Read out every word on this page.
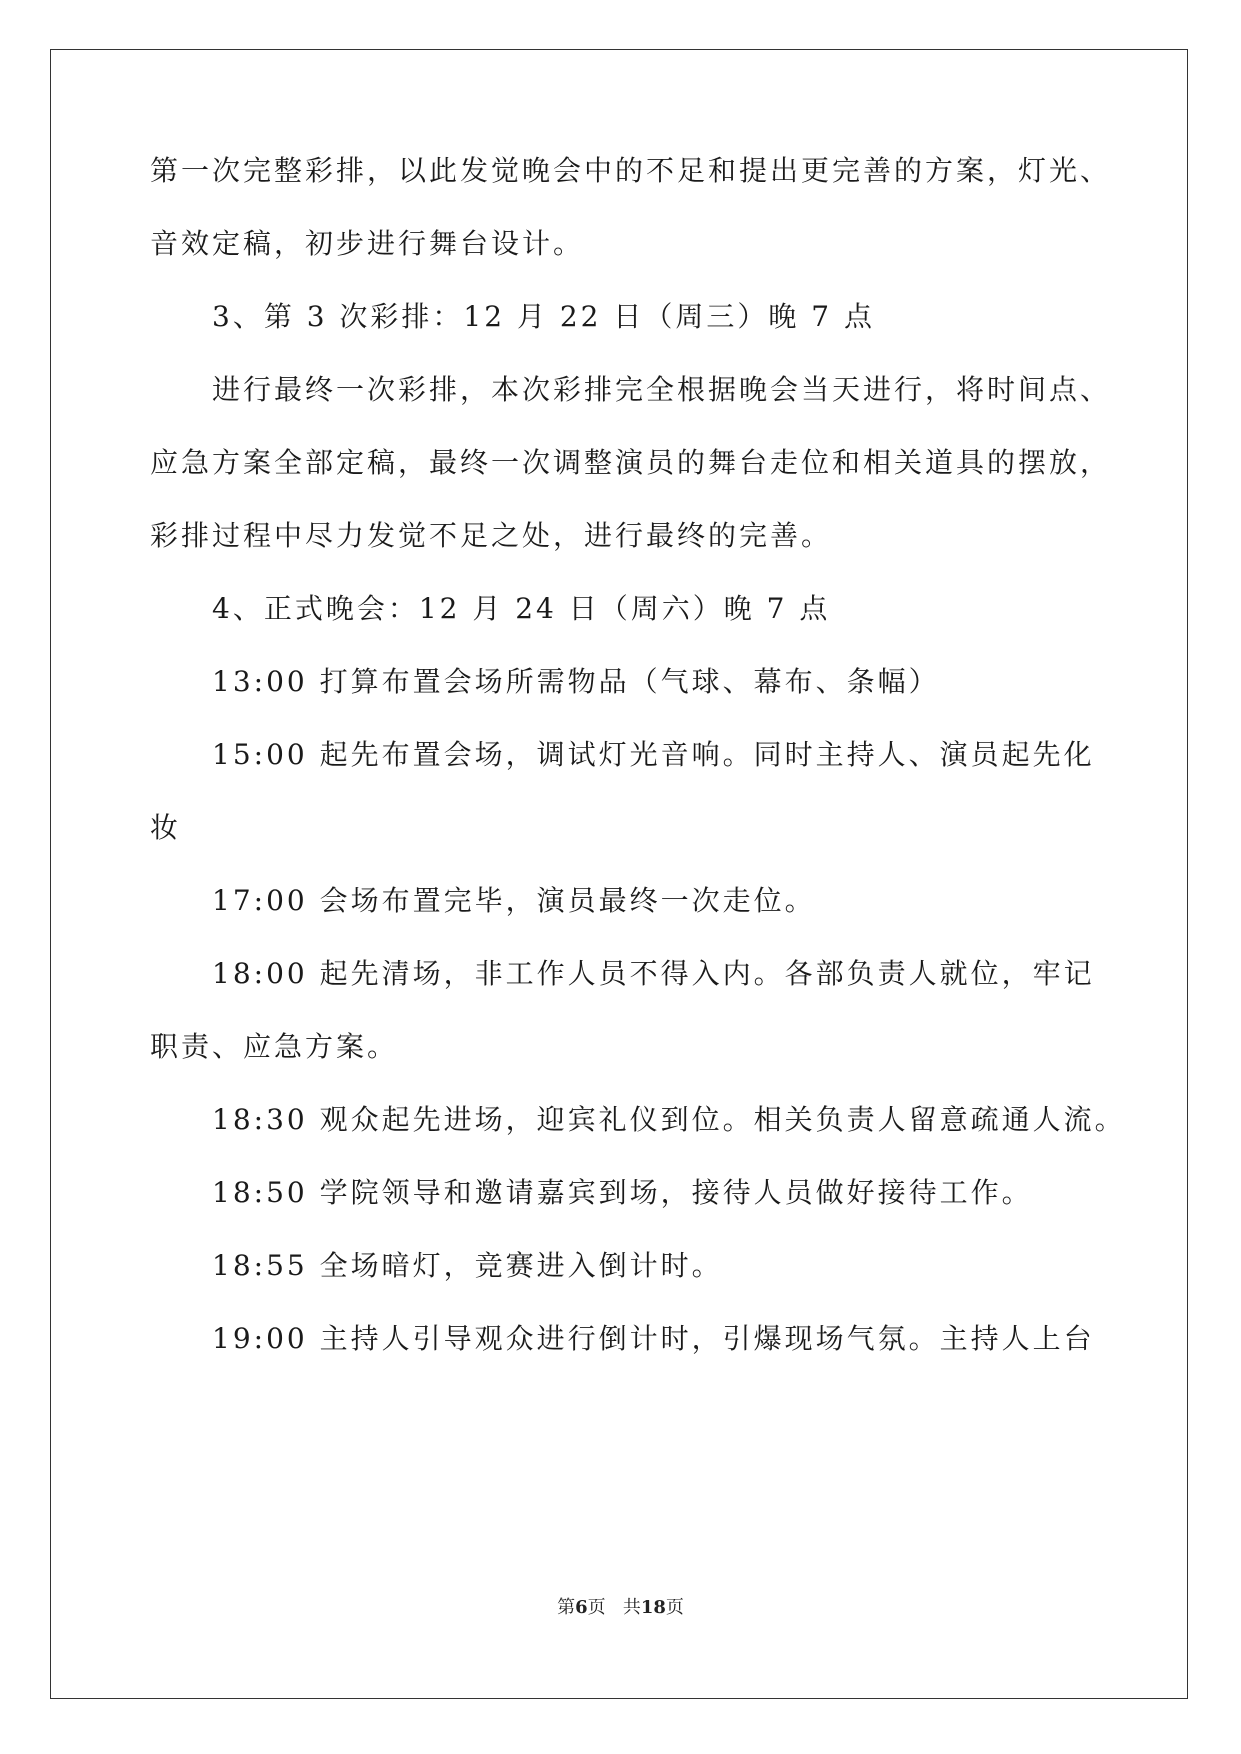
第一次完整彩排，以此发觉晚会中的不足和提出更完善的方案，灯光、
音效定稿，初步进行舞台设计。
3、第 3 次彩排：12 月 22 日（周三）晚 7 点
进行最终一次彩排，本次彩排完全根据晚会当天进行，将时间点、
应急方案全部定稿，最终一次调整演员的舞台走位和相关道具的摆放，
彩排过程中尽力发觉不足之处，进行最终的完善。
4、正式晚会：12 月 24 日（周六）晚 7 点
13:00 打算布置会场所需物品（气球、幕布、条幅）
15:00 起先布置会场，调试灯光音响。同时主持人、演员起先化
妆
17:00 会场布置完毕，演员最终一次走位。
18:00 起先清场，非工作人员不得入内。各部负责人就位，牢记
职责、应急方案。
18:30 观众起先进场，迎宾礼仪到位。相关负责人留意疏通人流。
18:50 学院领导和邀请嘉宾到场，接待人员做好接待工作。
18:55 全场暗灯，竞赛进入倒计时。
19:00 主持人引导观众进行倒计时，引爆现场气氛。主持人上台
第6页 共18页
